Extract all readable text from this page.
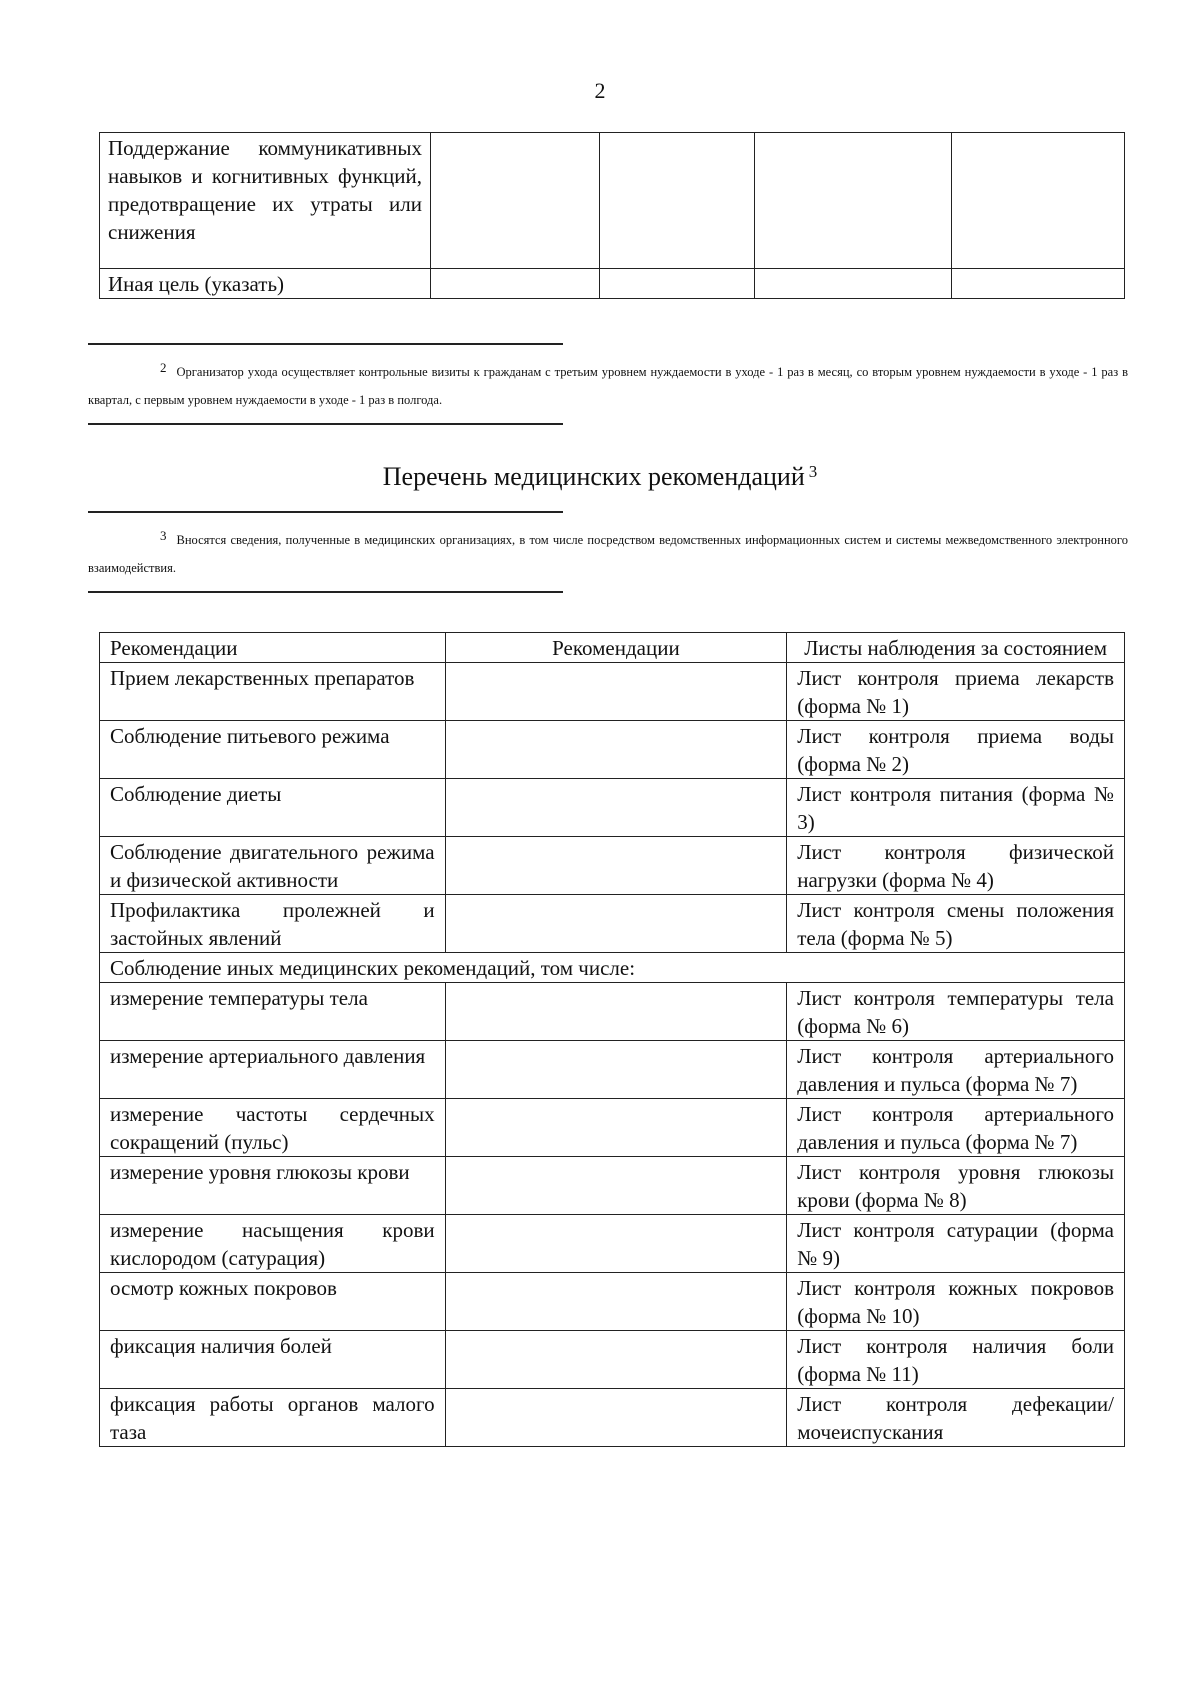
2
Поддержание коммуникативных навыков и когнитивных функций, предотвращение их утраты или снижения				
Иная цель (указать)				
$^2$ Организатор ухода осуществляет контрольные визиты к гражданам с третьим уровнем нуждаемости в уходе - 1 раз в месяц, со вторым уровнем нуждаемости в уходе - 1 раз в квартал, с первым уровнем нуждаемости в уходе - 1 раз в полгода.
Перечень медицинских рекомендаций $^3$
$^3$ Вносятся сведения, полученные в медицинских организациях, в том числе посредством ведомственных информационных систем и системы межведомственного электронного взаимодействия.
Рекомендации	Рекомендации	Листы наблюдения за состоянием
Прием лекарственных препаратов		Лист контроля приема лекарств (форма № 1)
Соблюдение питьевого режима		Лист контроля приема воды (форма № 2)
Соблюдение диеты		Лист контроля питания (форма № 3)
Соблюдение двигательного режима и физической активности		Лист контроля физической нагрузки (форма № 4)
Профилактика пролежней и застойных явлений		Лист контроля смены положения тела (форма № 5)
Соблюдение иных медицинских рекомендаций, том числе:		
измерение температуры тела		Лист контроля температуры тела (форма № 6)
измерение артериального давления		Лист контроля артериального давления и пульса (форма № 7)
измерение частоты сердечных сокращений (пульс)		Лист контроля артериального давления и пульса (форма № 7)
измерение уровня глюкозы крови		Лист контроля уровня глюкозы крови (форма № 8)
измерение насыщения крови кислородом (сатурация)		Лист контроля сатурации (форма № 9)
осмотр кожных покровов		Лист контроля кожных покровов (форма № 10)
фиксация наличия болей		Лист контроля наличия боли (форма № 11)
фиксация работы органов малого таза		Лист контроля дефекации/мочеиспускания
